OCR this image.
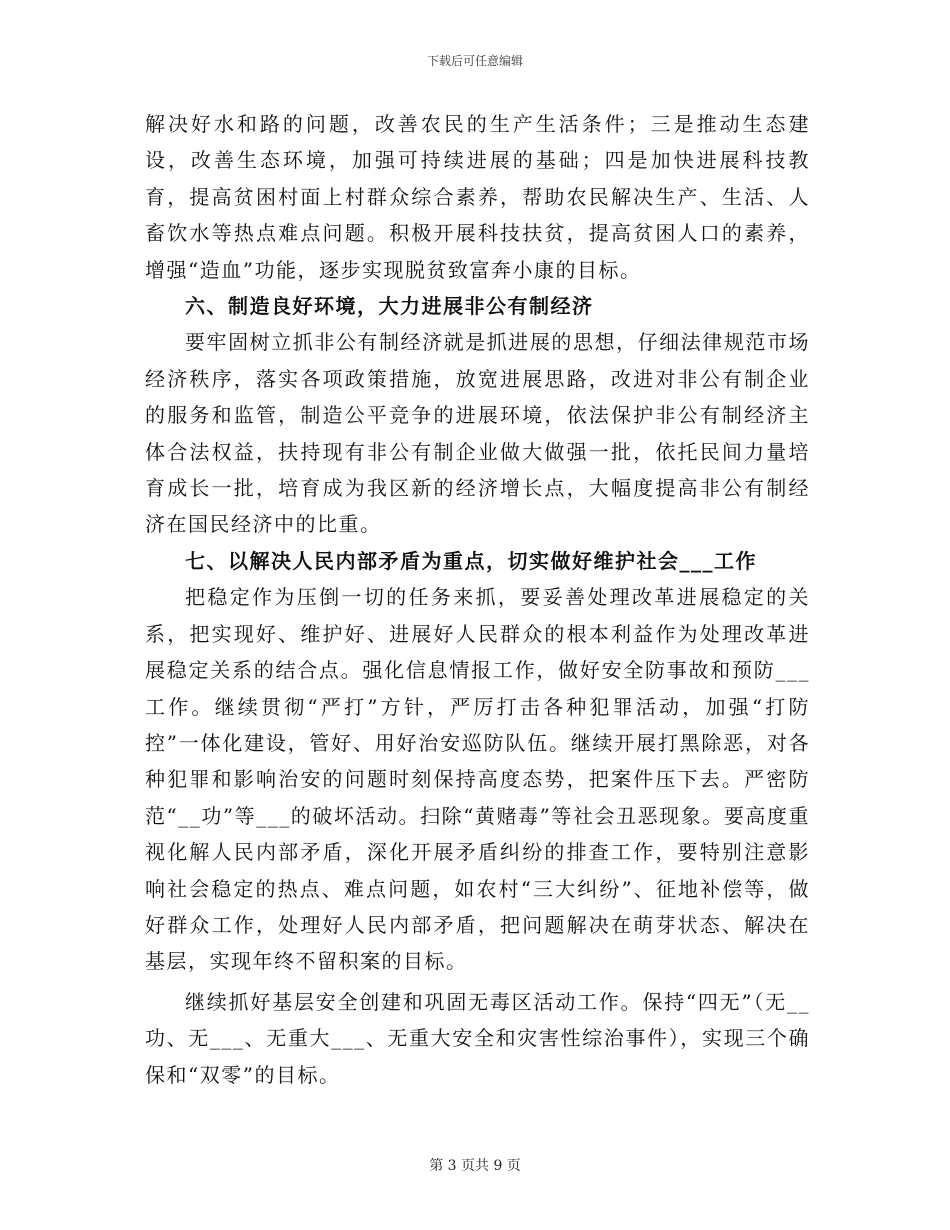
下载后可任意编辑

解决好水和路的问题，改善农民的生产生活条件；三是推动生态建设，改善生态环境，加强可持续进展的基础；四是加快进展科技教育，提高贫困村面上村群众综合素养，帮助农民解决生产、生活、人畜饮水等热点难点问题。积极开展科技扶贫，提高贫困人口的素养，增强“造血”功能，逐步实现脱贫致富奔小康的目标。

六、制造良好环境，大力进展非公有制经济

要牢固树立抓非公有制经济就是抓进展的思想，仔细法律规范市场经济秩序，落实各项政策措施，放宽进展思路，改进对非公有制企业的服务和监管，制造公平竞争的进展环境，依法保护非公有制经济主体合法权益，扶持现有非公有制企业做大做强一批，依托民间力量培育成长一批，培育成为我区新的经济增长点，大幅度提高非公有制经济在国民经济中的比重。

七、以解决人民内部矛盾为重点，切实做好维护社会___工作

把稳定作为压倒一切的任务来抓，要妥善处理改革进展稳定的关系，把实现好、维护好、进展好人民群众的根本利益作为处理改革进展稳定关系的结合点。强化信息情报工作，做好安全防事故和预防___工作。继续贯彻“严打”方针，严厉打击各种犯罪活动，加强“打防控”一体化建设，管好、用好治安巡防队伍。继续开展打黑除恶，对各种犯罪和影响治安的问题时刻保持高度态势，把案件压下去。严密防范“__功”等___的破坏活动。扫除“黄赌毒”等社会丑恶现象。要高度重视化解人民内部矛盾，深化开展矛盾纠纷的排查工作，要特别注意影响社会稳定的热点、难点问题，如农村“三大纠纷”、征地补偿等，做好群众工作，处理好人民内部矛盾，把问题解决在萌芽状态、解决在基层，实现年终不留积案的目标。

继续抓好基层安全创建和巩固无毒区活动工作。保持“四无”（无__功、无___、无重大___、无重大安全和灾害性综治事件），实现三个确保和“双零”的目标。

第 3 页共 9 页
